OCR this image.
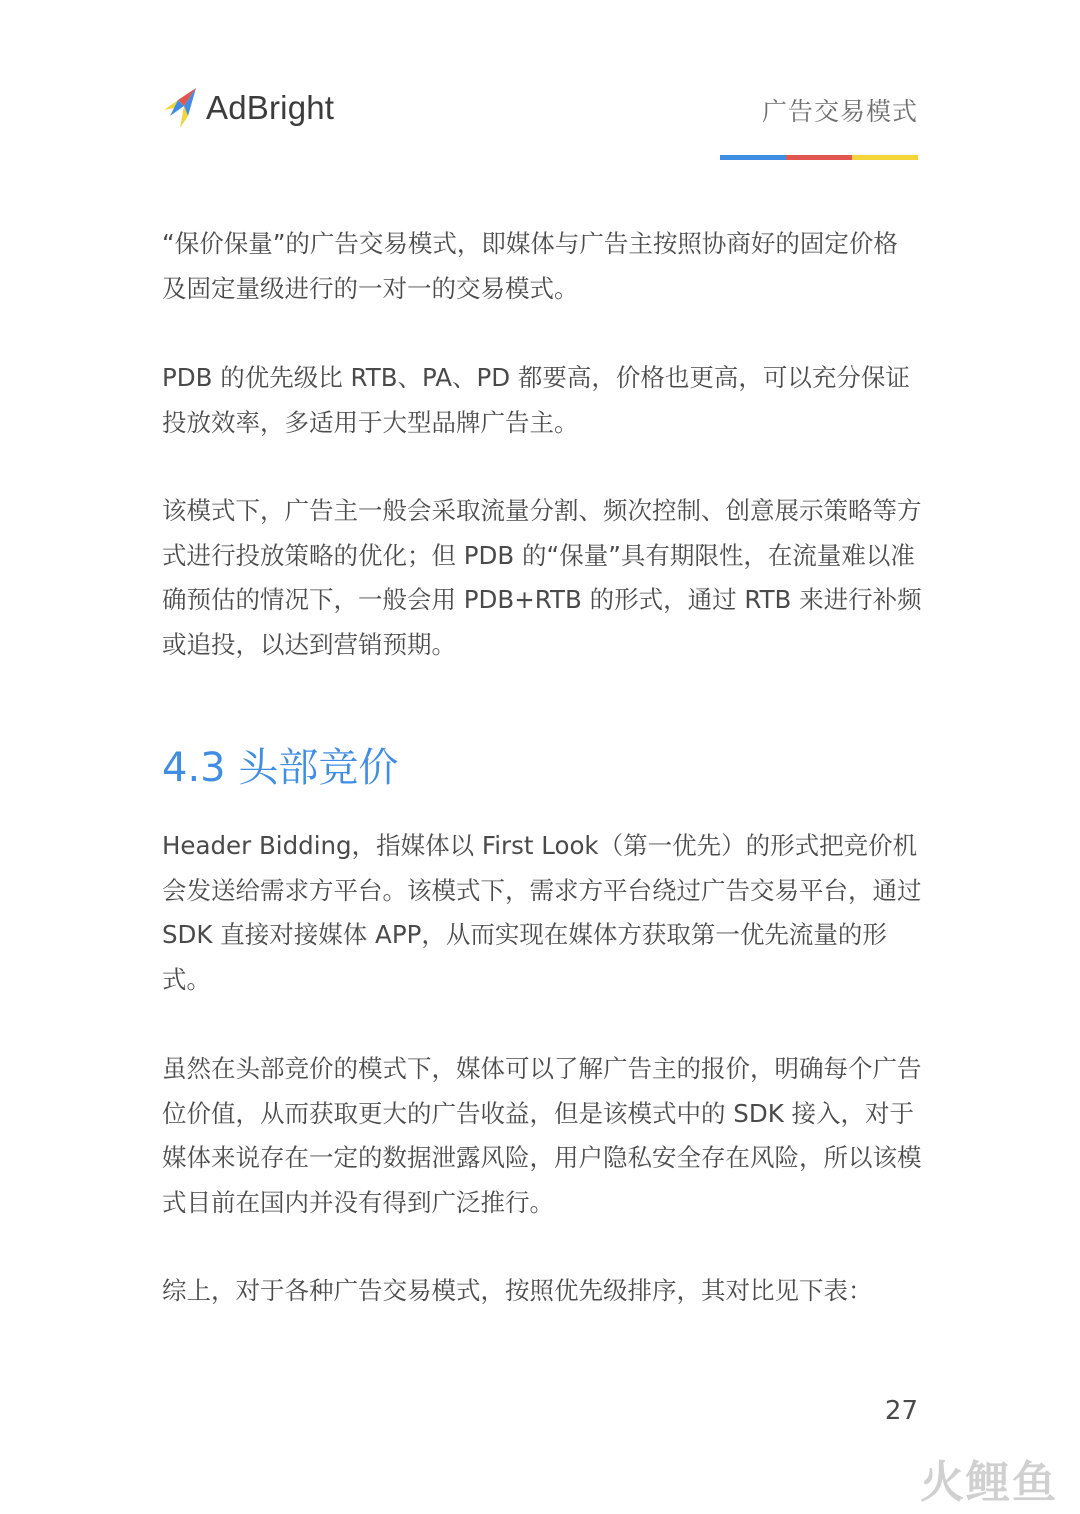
AdBright	广告交易模式

“保价保量”的广告交易模式，即媒体与广告主按照协商好的固定价格及固定量级进行的一对一的交易模式。

PDB 的优先级比 RTB、PA、PD 都要高，价格也更高，可以充分保证投放效率，多适用于大型品牌广告主。

该模式下，广告主一般会采取流量分割、频次控制、创意展示策略等方式进行投放策略的优化；但 PDB 的“保量”具有期限性，在流量难以准确预估的情况下，一般会用 PDB+RTB 的形式，通过 RTB 来进行补频或追投，以达到营销预期。

4.3 头部竞价

Header Bidding，指媒体以 First Look（第一优先）的形式把竞价机会发送给需求方平台。该模式下，需求方平台绕过广告交易平台，通过 SDK 直接对接媒体 APP，从而实现在媒体方获取第一优先流量的形式。

虽然在头部竞价的模式下，媒体可以了解广告主的报价，明确每个广告位价值，从而获取更大的广告收益，但是该模式中的 SDK 接入，对于媒体来说存在一定的数据泄露风险，用户隐私安全存在风险，所以该模式目前在国内并没有得到广泛推行。

综上，对于各种广告交易模式，按照优先级排序，其对比见下表：

27
火鲤鱼
